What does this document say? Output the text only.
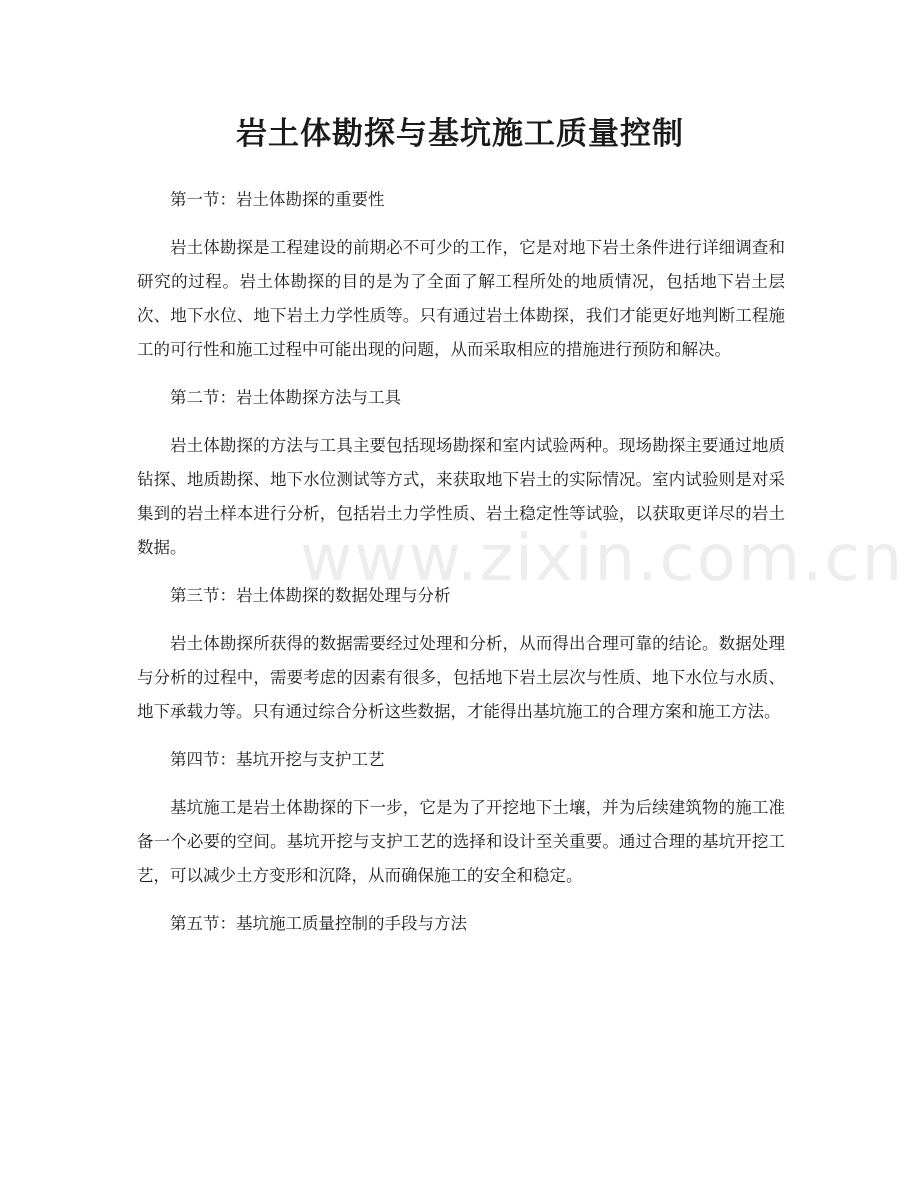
www.zixin.com.cn
岩土体勘探与基坑施工质量控制

第一节：岩土体勘探的重要性

岩土体勘探是工程建设的前期必不可少的工作，它是对地下岩土条件进行详细调查和研究的过程。岩土体勘探的目的是为了全面了解工程所处的地质情况，包括地下岩土层次、地下水位、地下岩土力学性质等。只有通过岩土体勘探，我们才能更好地判断工程施工的可行性和施工过程中可能出现的问题，从而采取相应的措施进行预防和解决。

第二节：岩土体勘探方法与工具

岩土体勘探的方法与工具主要包括现场勘探和室内试验两种。现场勘探主要通过地质钻探、地质勘探、地下水位测试等方式，来获取地下岩土的实际情况。室内试验则是对采集到的岩土样本进行分析，包括岩土力学性质、岩土稳定性等试验，以获取更详尽的岩土数据。

第三节：岩土体勘探的数据处理与分析

岩土体勘探所获得的数据需要经过处理和分析，从而得出合理可靠的结论。数据处理与分析的过程中，需要考虑的因素有很多，包括地下岩土层次与性质、地下水位与水质、地下承载力等。只有通过综合分析这些数据，才能得出基坑施工的合理方案和施工方法。

第四节：基坑开挖与支护工艺

基坑施工是岩土体勘探的下一步，它是为了开挖地下土壤，并为后续建筑物的施工准备一个必要的空间。基坑开挖与支护工艺的选择和设计至关重要。通过合理的基坑开挖工艺，可以减少土方变形和沉降，从而确保施工的安全和稳定。

第五节：基坑施工质量控制的手段与方法
